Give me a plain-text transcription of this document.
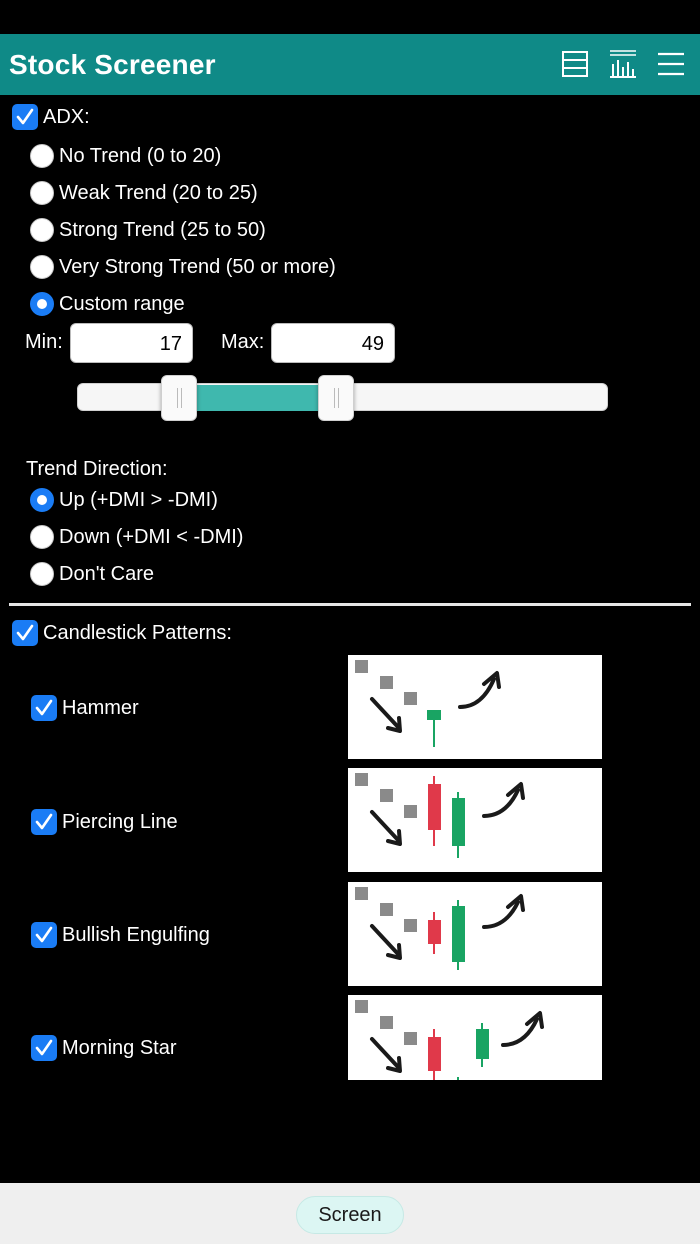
Stock Screener
ADX:
No Trend (0 to 20)
Weak Trend (20 to 25)
Strong Trend (25 to 50)
Very Strong Trend (50 or more)
Custom range
Min:	17	Max:	49
Trend Direction:
Up (+DMI > -DMI)
Down (+DMI < -DMI)
Don't Care
Candlestick Patterns:
Hammer
Piercing Line
Bullish Engulfing
Morning Star
Screen
